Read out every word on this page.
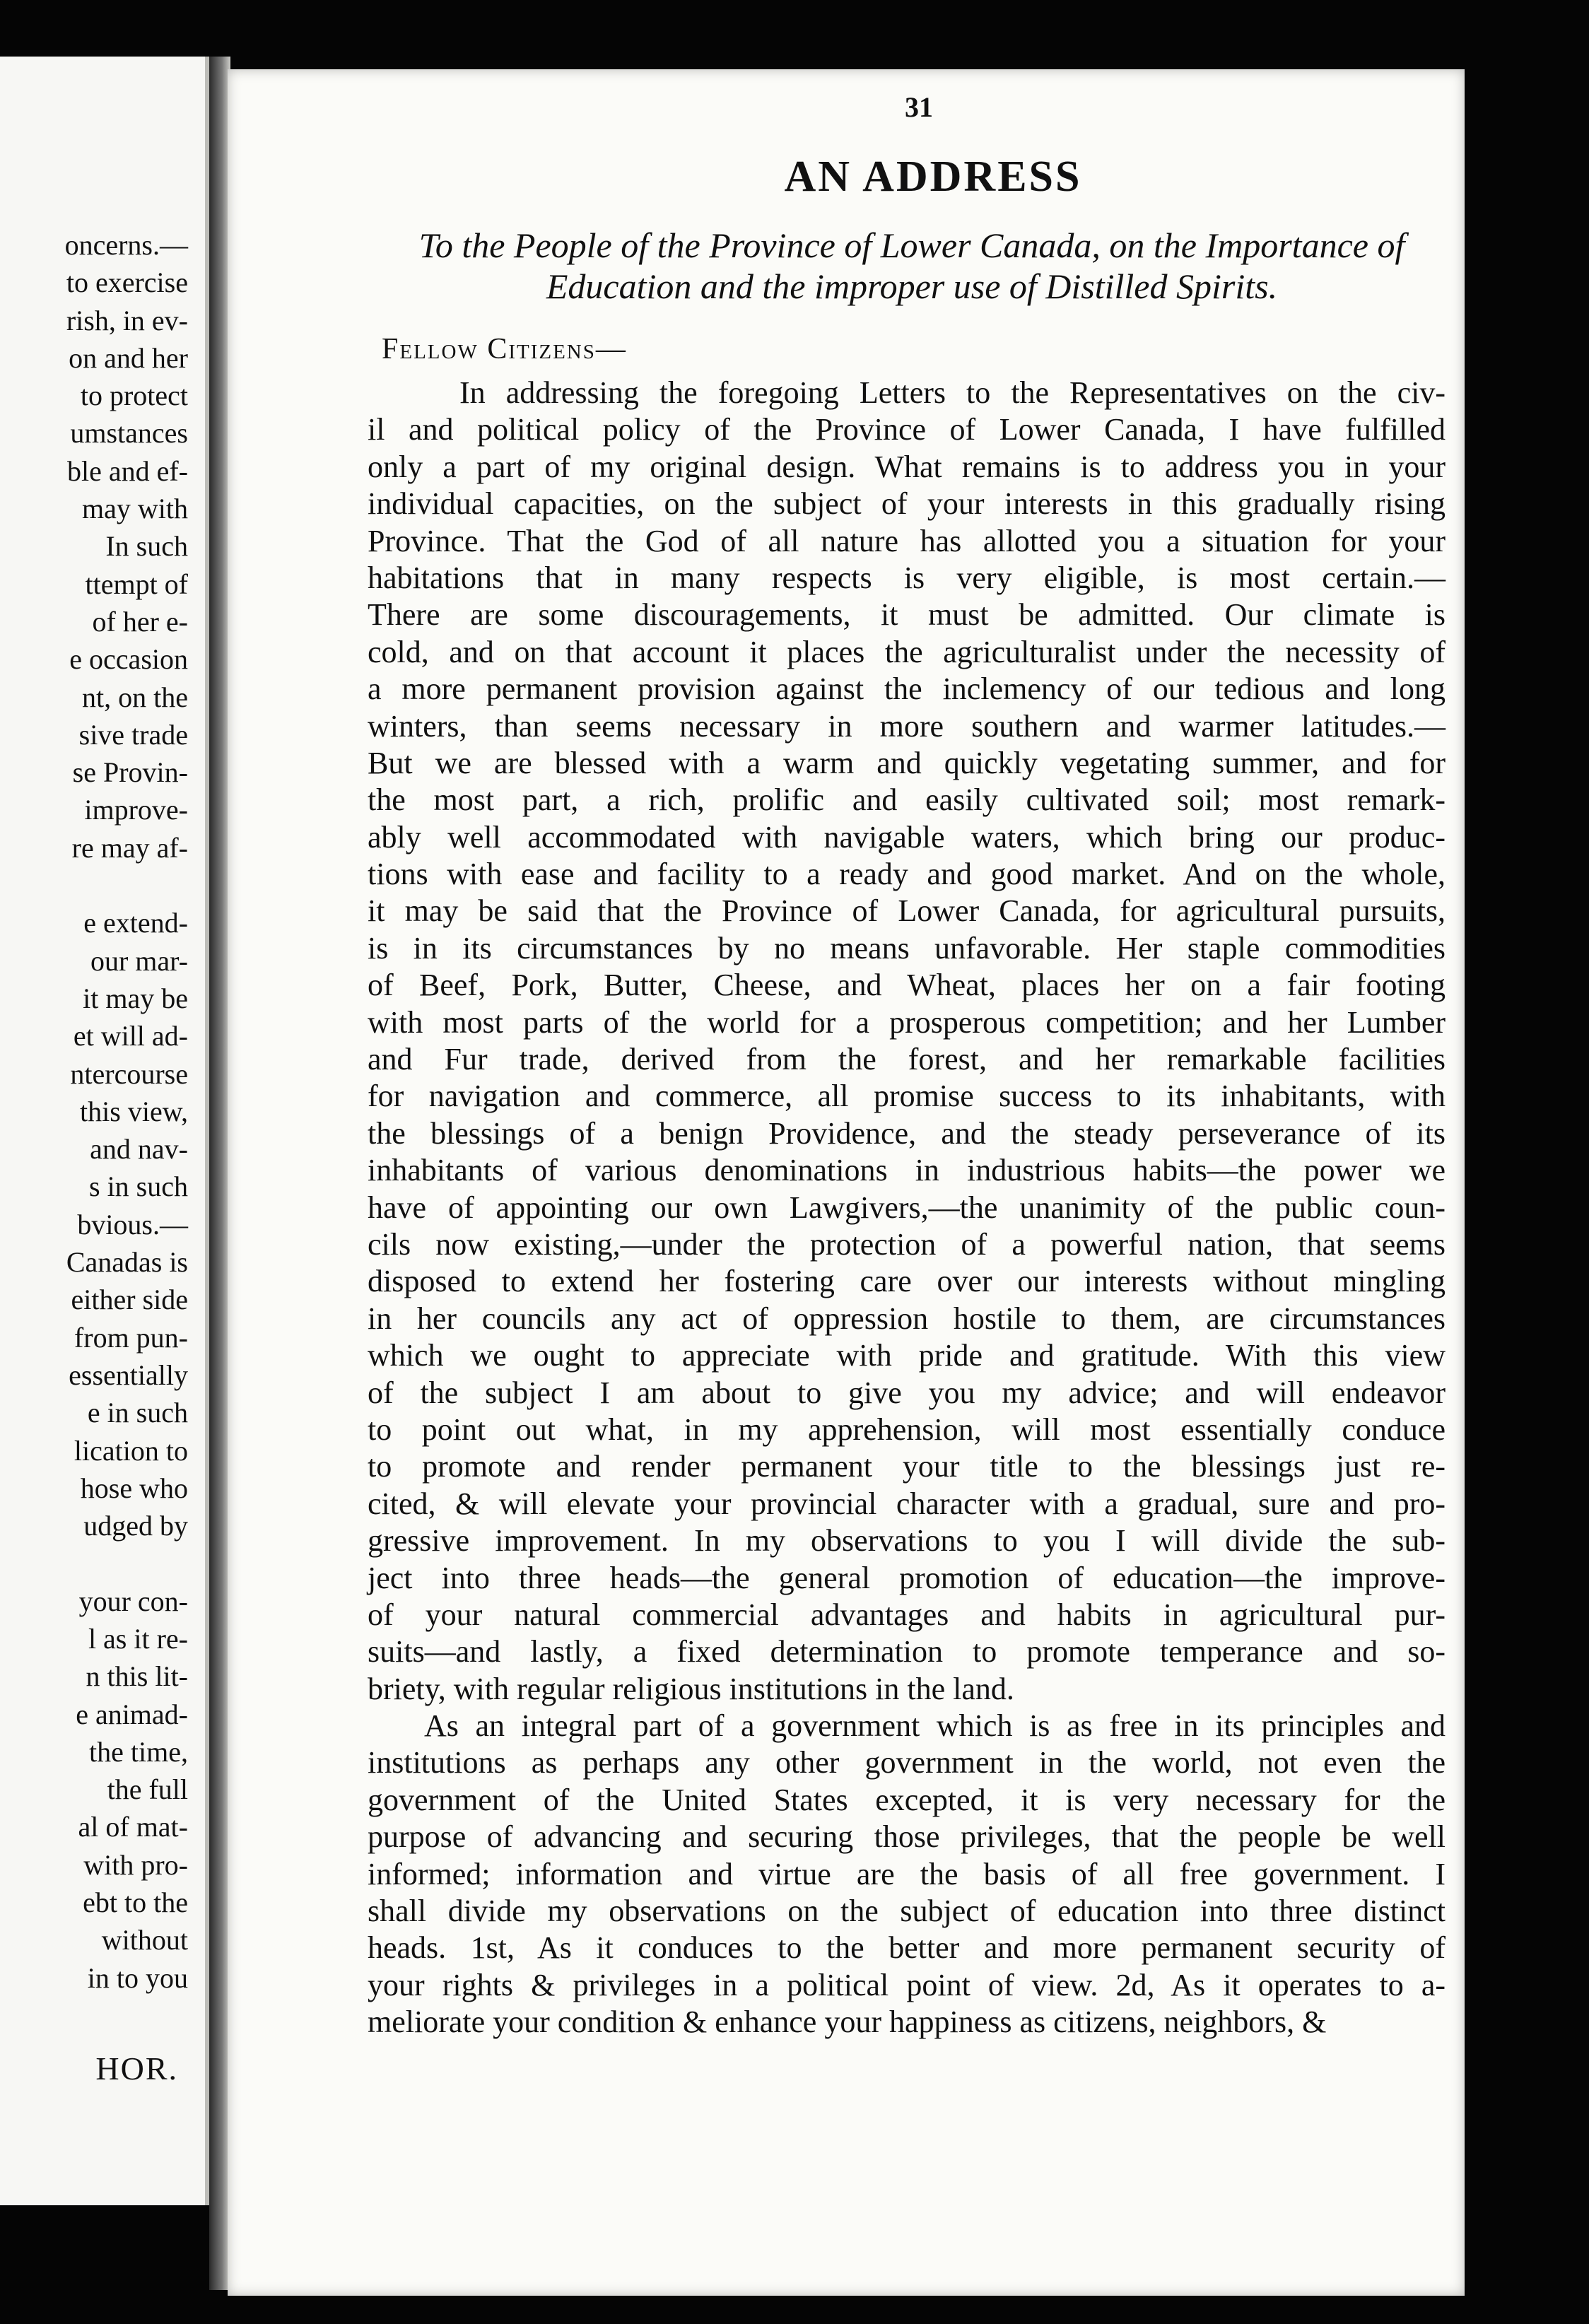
oncerns.—
to exercise
rish, in ev-
on and her
to protect
umstances
ble and ef-
may with
In such
ttempt of
of her e-
e occasion
nt, on the
sive trade
se Provin-
improve-
re may af-
e extend-
our mar-
it may be
et will ad-
ntercourse
this view,
and nav-
s in such
bvious.—
Canadas is
either side
from pun-
essentially
e in such
lication to
hose who
udged by
your con-
l as it re-
n this lit-
e animad-
the time,
the full
al of mat-
with pro-
ebt to the
without
in to you
HOR.
31
AN ADDRESS
To the People of the Province of Lower Canada, on the Importance of
Education and the improper use of Distilled Spirits.
Fellow Citizens—
In addressing the foregoing Letters to the Representatives on the civ-
il and political policy of the Province of Lower Canada, I have fulfilled
only a part of my original design. What remains is to address you in your
individual capacities, on the subject of your interests in this gradually rising
Province. That the God of all nature has allotted you a situation for your
habitations that in many respects is very eligible, is most certain.—
There are some discouragements, it must be admitted. Our climate is
cold, and on that account it places the agriculturalist under the necessity of
a more permanent provision against the inclemency of our tedious and long
winters, than seems necessary in more southern and warmer latitudes.—
But we are blessed with a warm and quickly vegetating summer, and for
the most part, a rich, prolific and easily cultivated soil; most remark-
ably well accommodated with navigable waters, which bring our produc-
tions with ease and facility to a ready and good market. And on the whole,
it may be said that the Province of Lower Canada, for agricultural pursuits,
is in its circumstances by no means unfavorable. Her staple commodities
of Beef, Pork, Butter, Cheese, and Wheat, places her on a fair footing
with most parts of the world for a prosperous competition; and her Lumber
and Fur trade, derived from the forest, and her remarkable facilities
for navigation and commerce, all promise success to its inhabitants, with
the blessings of a benign Providence, and the steady perseverance of its
inhabitants of various denominations in industrious habits—the power we
have of appointing our own Lawgivers,—the unanimity of the public coun-
cils now existing,—under the protection of a powerful nation, that seems
disposed to extend her fostering care over our interests without mingling
in her councils any act of oppression hostile to them, are circumstances
which we ought to appreciate with pride and gratitude. With this view
of the subject I am about to give you my advice; and will endeavor
to point out what, in my apprehension, will most essentially conduce
to promote and render permanent your title to the blessings just re-
cited, & will elevate your provincial character with a gradual, sure and pro-
gressive improvement. In my observations to you I will divide the sub-
ject into three heads—the general promotion of education—the improve-
of your natural commercial advantages and habits in agricultural pur-
suits—and lastly, a fixed determination to promote temperance and so-
briety, with regular religious institutions in the land.
As an integral part of a government which is as free in its principles and
institutions as perhaps any other government in the world, not even the
government of the United States excepted, it is very necessary for the
purpose of advancing and securing those privileges, that the people be well
informed; information and virtue are the basis of all free government. I
shall divide my observations on the subject of education into three distinct
heads. 1st, As it conduces to the better and more permanent security of
your rights & privileges in a political point of view. 2d, As it operates to a-
meliorate your condition & enhance your happiness as citizens, neighbors, &
